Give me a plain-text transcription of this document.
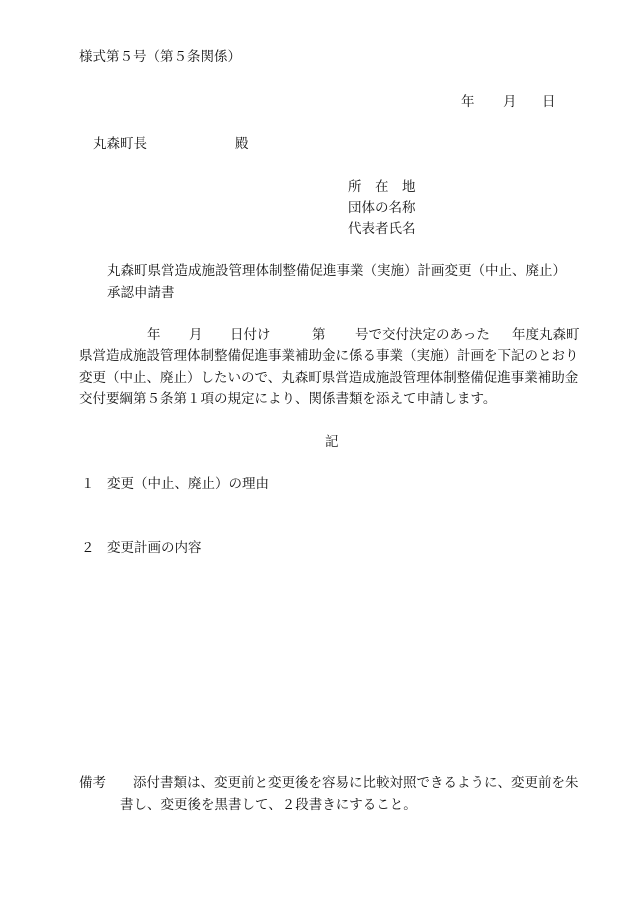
様式第５号（第５条関係）
年 月 日
丸森町長	殿
所　在　地
団体の名称
代表者氏名
丸森町県営造成施設管理体制整備促進事業（実施）計画変更（中止、廃止）
承認申請書
年 月 日付け	第 号で交付決定のあった 年度丸森町
県営造成施設管理体制整備促進事業補助金に係る事業（実施）計画を下記のとおり
変更（中止、廃止）したいので、丸森町県営造成施設管理体制整備促進事業補助金
交付要綱第５条第１項の規定により、関係書類を添えて申請します。
記
１ 変更（中止、廃止）の理由
２ 変更計画の内容
備考 添付書類は、変更前と変更後を容易に比較対照できるように、変更前を朱
書し、変更後を黒書して、２段書きにすること。
